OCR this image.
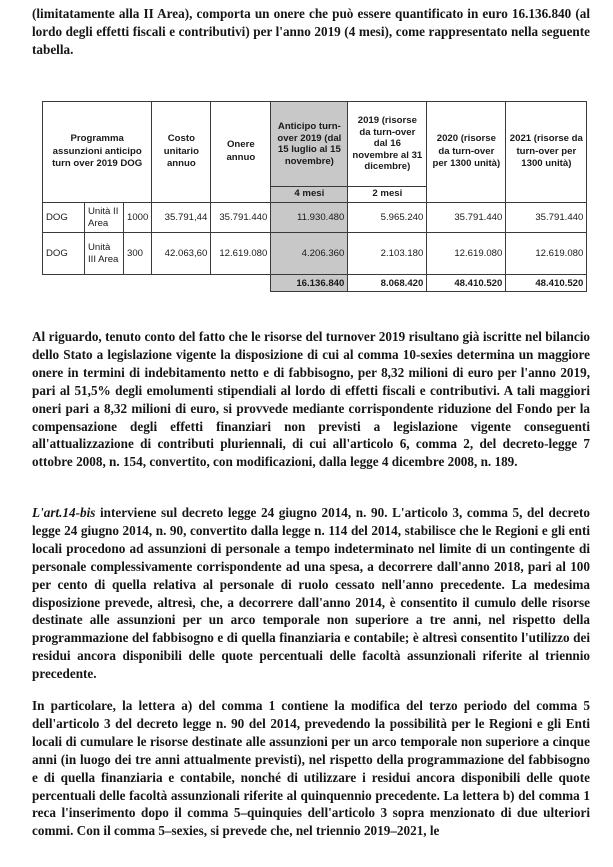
(limitatamente alla II Area), comporta un onere che può essere quantificato in euro 16.136.840 (al lordo degli effetti fiscali e contributivi) per l'anno 2019 (4 mesi), come rappresentato nella seguente tabella.

Programma assunzioni anticipo turn over 2019 DOG			Costo unitario annuo	Onere annuo	Anticipo turn-over 2019 (dal 15 luglio al 15 novembre)	2019 (risorse da turn-over dal 16 novembre al 31 dicembre)	2020 (risorse da turn-over per 1300 unità)	2021 (risorse da turn-over per 1300 unità)
					4 mesi	2 mesi		
DOG	Unità II Area	1000	35.791,44	35.791.440	11.930.480	5.965.240	35.791.440	35.791.440
DOG	Unità III Area	300	42.063,60	12.619.080	4.206.360	2.103.180	12.619.080	12.619.080
					16.136.840	8.068.420	48.410.520	48.410.520

Al riguardo, tenuto conto del fatto che le risorse del turnover 2019 risultano già iscritte nel bilancio dello Stato a legislazione vigente la disposizione di cui al comma 10-sexies determina un maggiore onere in termini di indebitamento netto e di fabbisogno, per 8,32 milioni di euro per l'anno 2019, pari al 51,5% degli emolumenti stipendiali al lordo di effetti fiscali e contributivi. A tali maggiori oneri pari a 8,32 milioni di euro, si provvede mediante corrispondente riduzione del Fondo per la compensazione degli effetti finanziari non previsti a legislazione vigente conseguenti all'attualizzazione di contributi pluriennali, di cui all'articolo 6, comma 2, del decreto-legge 7 ottobre 2008, n. 154, convertito, con modificazioni, dalla legge 4 dicembre 2008, n. 189.

L'art.14-bis interviene sul decreto legge 24 giugno 2014, n. 90. L'articolo 3, comma 5, del decreto legge 24 giugno 2014, n. 90, convertito dalla legge n. 114 del 2014, stabilisce che le Regioni e gli enti locali procedono ad assunzioni di personale a tempo indeterminato nel limite di un contingente di personale complessivamente corrispondente ad una spesa, a decorrere dall'anno 2018, pari al 100 per cento di quella relativa al personale di ruolo cessato nell'anno precedente. La medesima disposizione prevede, altresì, che, a decorrere dall'anno 2014, è consentito il cumulo delle risorse destinate alle assunzioni per un arco temporale non superiore a tre anni, nel rispetto della programmazione del fabbisogno e di quella finanziaria e contabile; è altresì consentito l'utilizzo dei residui ancora disponibili delle quote percentuali delle facoltà assunzionali riferite al triennio precedente.

In particolare, la lettera a) del comma 1 contiene la modifica del terzo periodo del comma 5 dell'articolo 3 del decreto legge n. 90 del 2014, prevedendo la possibilità per le Regioni e gli Enti locali di cumulare le risorse destinate alle assunzioni per un arco temporale non superiore a cinque anni (in luogo dei tre anni attualmente previsti), nel rispetto della programmazione del fabbisogno e di quella finanziaria e contabile, nonché di utilizzare i residui ancora disponibili delle quote percentuali delle facoltà assunzionali riferite al quinquennio precedente. La lettera b) del comma 1 reca l'inserimento dopo il comma 5–quinquies dell'articolo 3 sopra menzionato di due ulteriori commi. Con il comma 5–sexies, si prevede che, nel triennio 2019–2021, le
